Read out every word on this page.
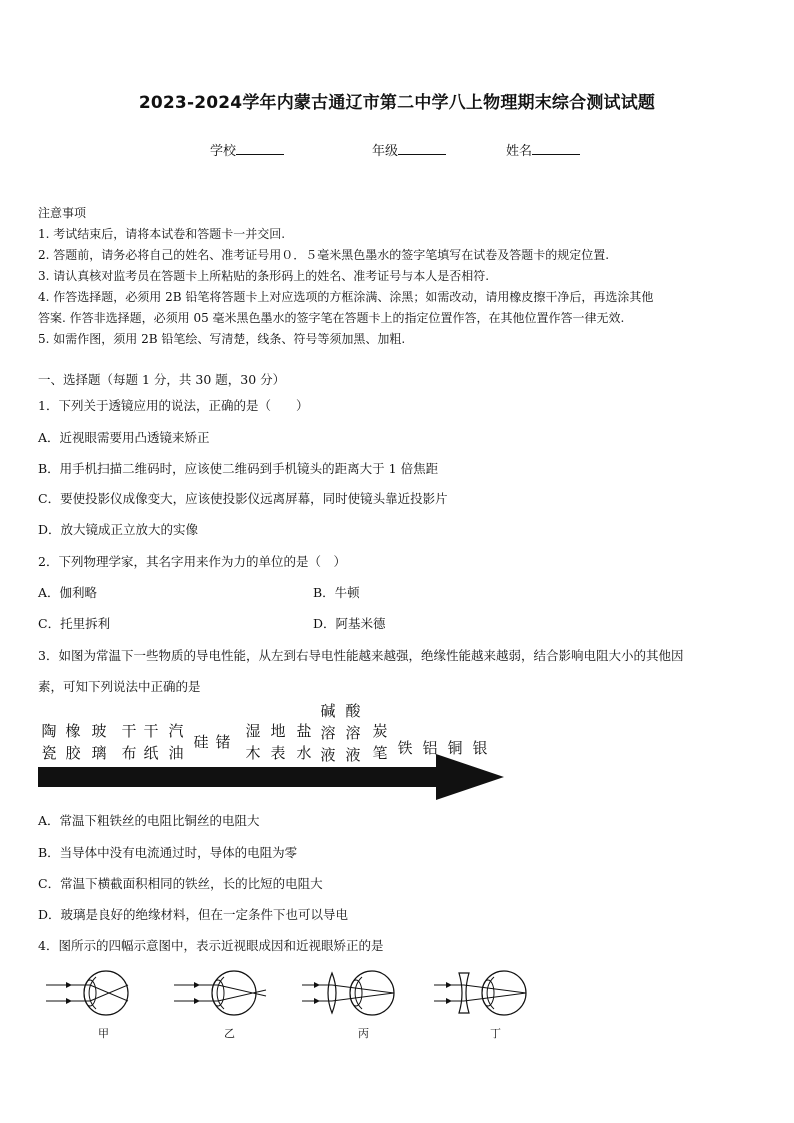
2023-2024学年内蒙古通辽市第二中学八上物理期末综合测试试题
学校	年级	姓名
注意事项
1. 考试结束后，请将本试卷和答题卡一并交回.
2. 答题前，请务必将自己的姓名、准考证号用０．５毫米黑色墨水的签字笔填写在试卷及答题卡的规定位置.
3. 请认真核对监考员在答题卡上所粘贴的条形码上的姓名、准考证号与本人是否相符.
4. 作答选择题，必须用 2B 铅笔将答题卡上对应选项的方框涂满、涂黑；如需改动，请用橡皮擦干净后，再选涂其他
答案. 作答非选择题，必须用 05 毫米黑色墨水的签字笔在答题卡上的指定位置作答，在其他位置作答一律无效.
5. 如需作图，须用 2B 铅笔绘、写清楚，线条、符号等须加黑、加粗.
一、选择题（每题 1 分，共 30 题，30 分）
1．下列关于透镜应用的说法，正确的是（　　）
A．近视眼需要用凸透镜来矫正
B．用手机扫描二维码时，应该使二维码到手机镜头的距离大于 1 倍焦距
C．要使投影仪成像变大，应该使投影仪远离屏幕，同时使镜头靠近投影片
D．放大镜成正立放大的实像
2．下列物理学家，其名字用来作为力的单位的是（　）
A．伽利略	B．牛顿
C．托里拆利	D．阿基米德
3．如图为常温下一些物质的导电性能，从左到右导电性能越来越强，绝缘性能越来越弱，结合影响电阻大小的其他因
素，可知下列说法中正确的是
陶瓷
橡胶
玻璃
干布
干纸
汽油
硅 锗
湿木
地表
盐水
碱溶液
酸溶液
炭笔 铁 铝 铜 银
A．常温下粗铁丝的电阻比铜丝的电阻大
B．当导体中没有电流通过时，导体的电阻为零
C．常温下横截面积相同的铁丝，长的比短的电阻大
D．玻璃是良好的绝缘材料，但在一定条件下也可以导电
4．图所示的四幅示意图中，表示近视眼成因和近视眼矫正的是
甲	乙	丙	丁
